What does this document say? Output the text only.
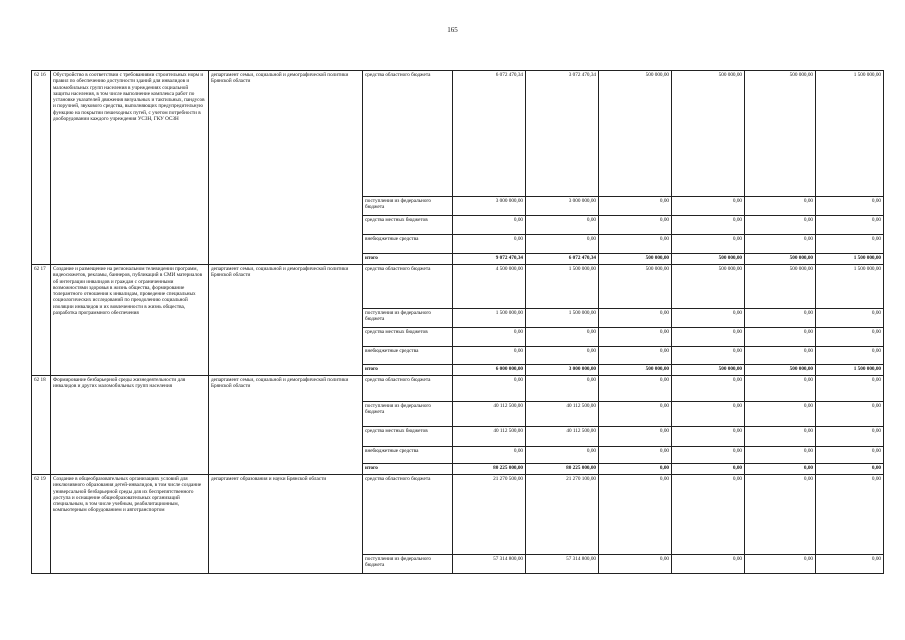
165
62 16	Обустройство в соответствии с требованиями строительных норм и правил по обеспечению доступности зданий для инвалидов и маломобильных групп населения в учреждениях социальной защиты населения, в том числе выполнение комплекса работ по установке указателей движения визуальных и тактильных, пандусов и поручней, звукового средства, выполняющих предупредительную функцию на покрытии пешеходных путей, с учетом потребности в дооборудовании каждого учреждения УСЗН, ГКУ ОСЗН	департамент семьи, социальной и демографической политики Брянской области	средства областного бюджета	6 072 470,34	3 072 470,34	500 000,00	500 000,00	500 000,00	1 500 000,00
			поступления из федерального бюджета	3 000 000,00	3 000 000,00	0,00	0,00	0,00	0,00
			средства местных бюджетов	0,00	0,00	0,00	0,00	0,00	0,00
			внебюджетные средства	0,00	0,00	0,00	0,00	0,00	0,00
			итого	9 072 470,34	6 072 470,34	500 000,00	500 000,00	500 000,00	1 500 000,00
62 17	Создание и размещение на региональном телевидении программ, видеосюжетов, рекламы, баннеров, публикаций в СМИ материалов об интеграции инвалидов и граждан с ограниченными возможностями здоровья в жизнь общества, формирование толерантного отношения к инвалидам, проведение специальных социологических исследований по преодолению социальной изоляции инвалидов и их вовлеченности в жизнь общества, разработка программного обеспечения	департамент семьи, социальной и демографической политики Брянской области	средства областного бюджета	4 500 000,00	1 500 000,00	500 000,00	500 000,00	500 000,00	1 500 000,00
			поступления из федерального бюджета	1 500 000,00	1 500 000,00	0,00	0,00	0,00	0,00
			средства местных бюджетов	0,00	0,00	0,00	0,00	0,00	0,00
			внебюджетные средства	0,00	0,00	0,00	0,00	0,00	0,00
			итого	6 000 000,00	3 000 000,00	500 000,00	500 000,00	500 000,00	1 500 000,00
62 18	Формирование безбарьерной среды жизнедеятельности для инвалидов и других маломобильных групп населения	департамент семьи, социальной и демографической политики Брянской области	средства областного бюджета	0,00	0,00	0,00	0,00	0,00	0,00
			поступления из федерального бюджета	40 112 500,00	40 112 500,00	0,00	0,00	0,00	0,00
			средства местных бюджетов	40 112 500,00	40 112 500,00	0,00	0,00	0,00	0,00
			внебюджетные средства	0,00	0,00	0,00	0,00	0,00	0,00
			итого	80 225 000,00	80 225 000,00	0,00	0,00	0,00	0,00
62 19	Создание в общеобразовательных организациях условий для инклюзивного образования детей-инвалидов, в том числе создание универсальной безбарьерной среды для их беспрепятственного доступа и оснащение общеобразовательных организаций специальным, в том числе учебным, реабилитационным, компьютерным оборудованием и автотранспортом	департамент образования и науки Брянской области	средства областного бюджета	21 270 500,00	21 270 100,00	0,00	0,00	0,00	0,00
			поступления из федерального бюджета	57 314 800,00	57 314 800,00	0,00	0,00	0,00	0,00
